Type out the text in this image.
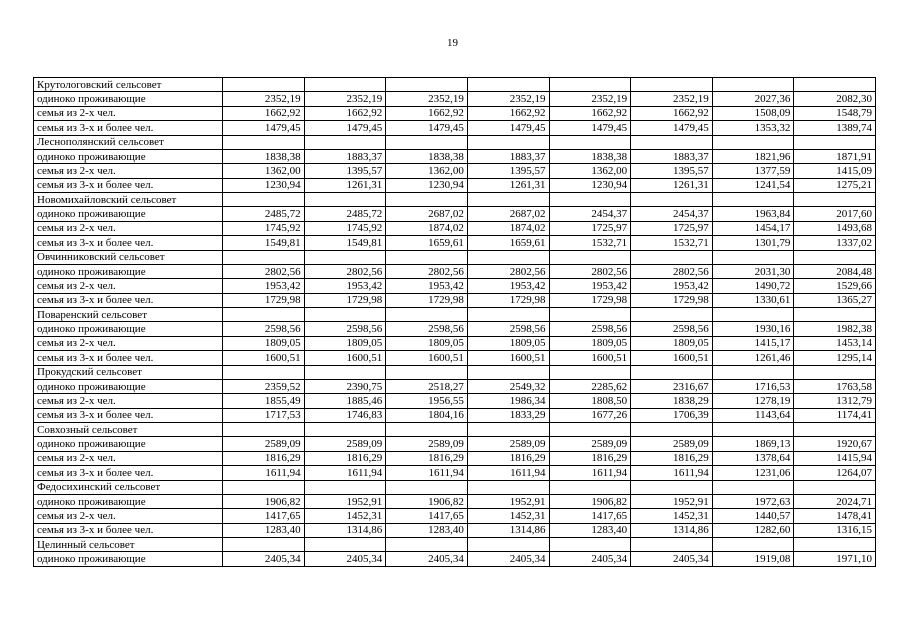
19
Крутологовский сельсовет								
одиноко проживающие	2352,19	2352,19	2352,19	2352,19	2352,19	2352,19	2027,36	2082,30
семья из 2-х чел.	1662,92	1662,92	1662,92	1662,92	1662,92	1662,92	1508,09	1548,79
семья из 3-х и более чел.	1479,45	1479,45	1479,45	1479,45	1479,45	1479,45	1353,32	1389,74
Леснополянский сельсовет								
одиноко проживающие	1838,38	1883,37	1838,38	1883,37	1838,38	1883,37	1821,96	1871,91
семья из 2-х чел.	1362,00	1395,57	1362,00	1395,57	1362,00	1395,57	1377,59	1415,09
семья из 3-х и более чел.	1230,94	1261,31	1230,94	1261,31	1230,94	1261,31	1241,54	1275,21
Новомихайловский сельсовет								
одиноко проживающие	2485,72	2485,72	2687,02	2687,02	2454,37	2454,37	1963,84	2017,60
семья из 2-х чел.	1745,92	1745,92	1874,02	1874,02	1725,97	1725,97	1454,17	1493,68
семья из 3-х и более чел.	1549,81	1549,81	1659,61	1659,61	1532,71	1532,71	1301,79	1337,02
Овчинниковский сельсовет								
одиноко проживающие	2802,56	2802,56	2802,56	2802,56	2802,56	2802,56	2031,30	2084,48
семья из 2-х чел.	1953,42	1953,42	1953,42	1953,42	1953,42	1953,42	1490,72	1529,66
семья из 3-х и более чел.	1729,98	1729,98	1729,98	1729,98	1729,98	1729,98	1330,61	1365,27
Поваренский сельсовет								
одиноко проживающие	2598,56	2598,56	2598,56	2598,56	2598,56	2598,56	1930,16	1982,38
семья из 2-х чел.	1809,05	1809,05	1809,05	1809,05	1809,05	1809,05	1415,17	1453,14
семья из 3-х и более чел.	1600,51	1600,51	1600,51	1600,51	1600,51	1600,51	1261,46	1295,14
Прокудский сельсовет								
одиноко проживающие	2359,52	2390,75	2518,27	2549,32	2285,62	2316,67	1716,53	1763,58
семья из 2-х чел.	1855,49	1885,46	1956,55	1986,34	1808,50	1838,29	1278,19	1312,79
семья из 3-х и более чел.	1717,53	1746,83	1804,16	1833,29	1677,26	1706,39	1143,64	1174,41
Совхозный сельсовет								
одиноко проживающие	2589,09	2589,09	2589,09	2589,09	2589,09	2589,09	1869,13	1920,67
семья из 2-х чел.	1816,29	1816,29	1816,29	1816,29	1816,29	1816,29	1378,64	1415,94
семья из 3-х и более чел.	1611,94	1611,94	1611,94	1611,94	1611,94	1611,94	1231,06	1264,07
Федосихинский сельсовет								
одиноко проживающие	1906,82	1952,91	1906,82	1952,91	1906,82	1952,91	1972,63	2024,71
семья из 2-х чел.	1417,65	1452,31	1417,65	1452,31	1417,65	1452,31	1440,57	1478,41
семья из 3-х и более чел.	1283,40	1314,86	1283,40	1314,86	1283,40	1314,86	1282,60	1316,15
Целинный сельсовет								
одиноко проживающие	2405,34	2405,34	2405,34	2405,34	2405,34	2405,34	1919,08	1971,10
